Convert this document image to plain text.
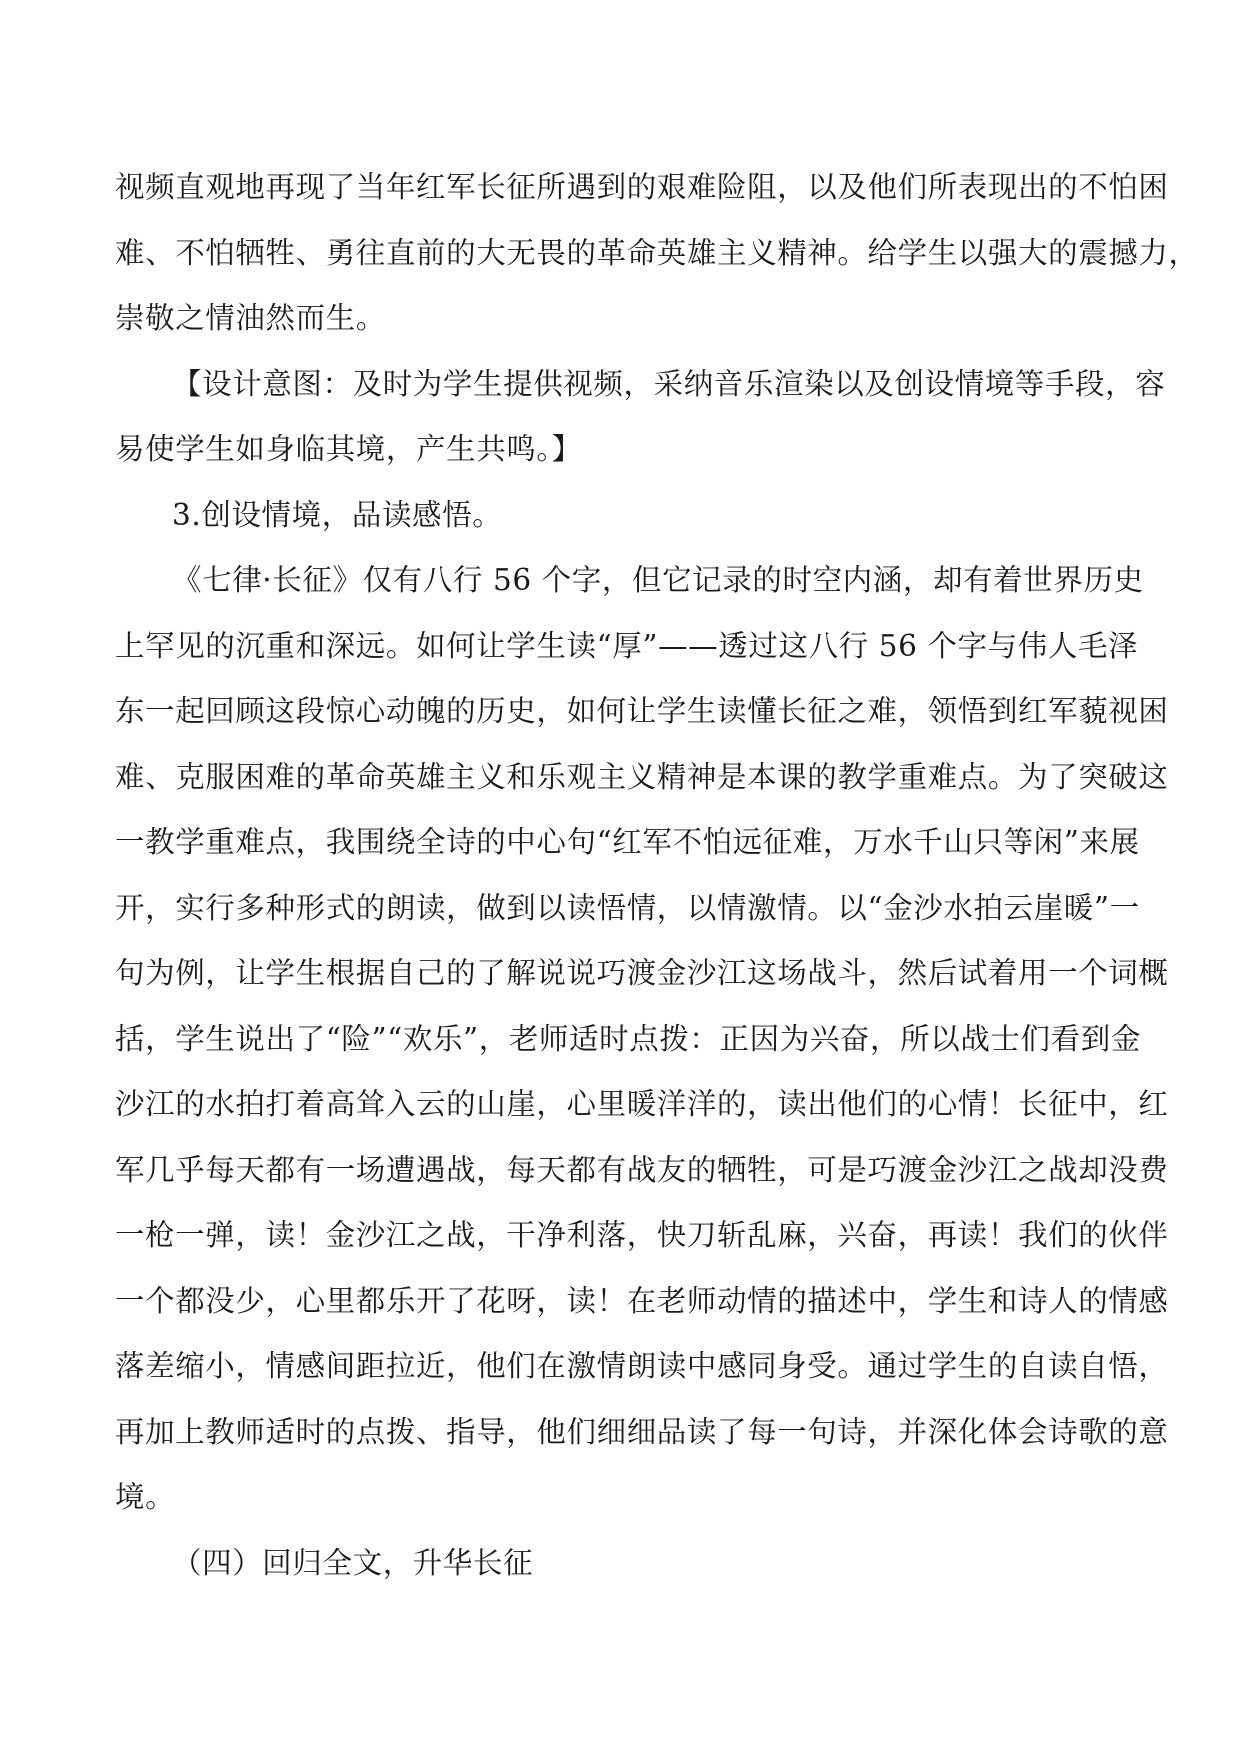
视频直观地再现了当年红军长征所遇到的艰难险阻，以及他们所表现出的不怕困
难、不怕牺牲、勇往直前的大无畏的革命英雄主义精神。给学生以强大的震撼力，
崇敬之情油然而生。
【设计意图：及时为学生提供视频，采纳音乐渲染以及创设情境等手段，容
易使学生如身临其境，产生共鸣。】
3.创设情境，品读感悟。
《七律·长征》仅有八行 56 个字，但它记录的时空内涵，却有着世界历史
上罕见的沉重和深远。如何让学生读“厚”——透过这八行 56 个字与伟人毛泽
东一起回顾这段惊心动魄的历史，如何让学生读懂长征之难，领悟到红军藐视困
难、克服困难的革命英雄主义和乐观主义精神是本课的教学重难点。为了突破这
一教学重难点，我围绕全诗的中心句“红军不怕远征难，万水千山只等闲”来展
开，实行多种形式的朗读，做到以读悟情，以情激情。以“金沙水拍云崖暖”一
句为例，让学生根据自己的了解说说巧渡金沙江这场战斗，然后试着用一个词概
括，学生说出了“险”“欢乐”，老师适时点拨：正因为兴奋，所以战士们看到金
沙江的水拍打着高耸入云的山崖，心里暖洋洋的，读出他们的心情！长征中，红
军几乎每天都有一场遭遇战，每天都有战友的牺牲，可是巧渡金沙江之战却没费
一枪一弹，读！金沙江之战，干净利落，快刀斩乱麻，兴奋，再读！我们的伙伴
一个都没少，心里都乐开了花呀，读！在老师动情的描述中，学生和诗人的情感
落差缩小，情感间距拉近，他们在激情朗读中感同身受。通过学生的自读自悟，
再加上教师适时的点拨、指导，他们细细品读了每一句诗，并深化体会诗歌的意
境。
（四）回归全文，升华长征
